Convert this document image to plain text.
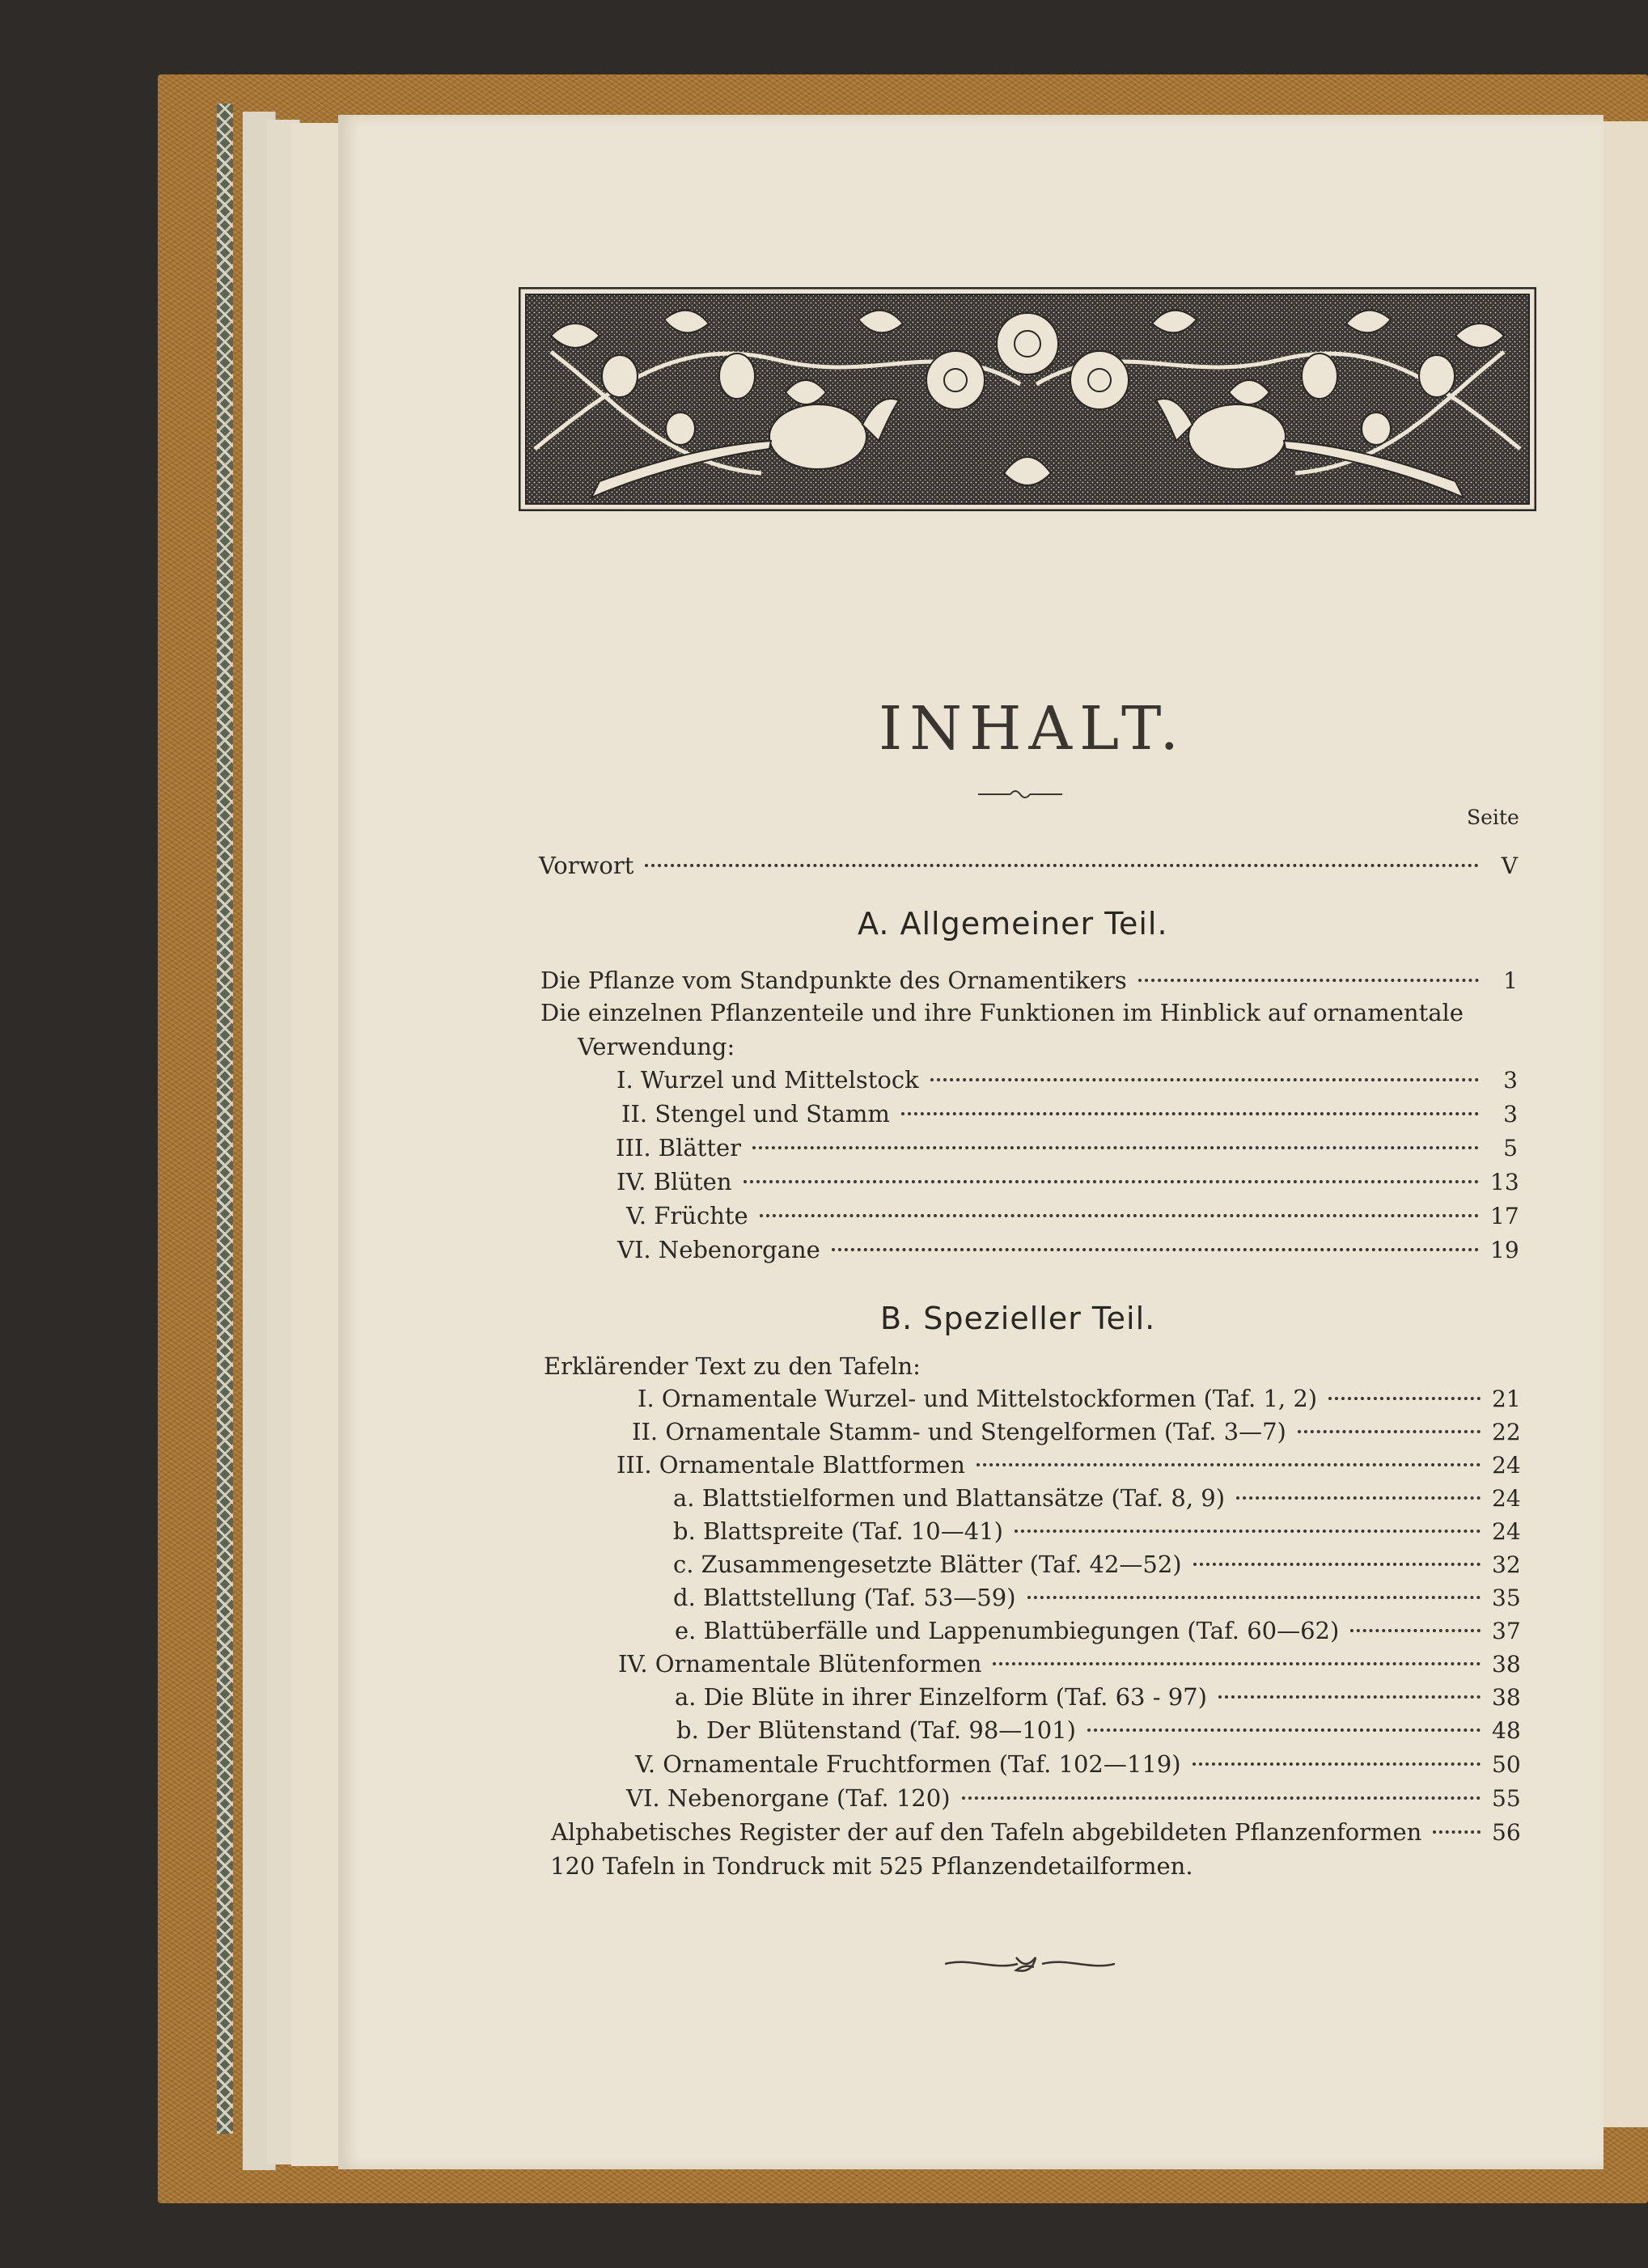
INHALT.
Seite
Vorwort	V
A. Allgemeiner Teil.
Die Pflanze vom Standpunkte des Ornamentikers	1
Die einzelnen Pflanzenteile und ihre Funktionen im Hinblick auf ornamentale
Verwendung:
I. Wurzel und Mittelstock	3
II. Stengel und Stamm	3
III. Blätter	5
IV. Blüten	13
V. Früchte	17
VI. Nebenorgane	19
B. Spezieller Teil.
Erklärender Text zu den Tafeln:
I. Ornamentale Wurzel- und Mittelstockformen (Taf. 1, 2)	21
II. Ornamentale Stamm- und Stengelformen (Taf. 3—7)	22
III. Ornamentale Blattformen	24
a. Blattstielformen und Blattansätze (Taf. 8, 9)	24
b. Blattspreite (Taf. 10—41)	24
c. Zusammengesetzte Blätter (Taf. 42—52)	32
d. Blattstellung (Taf. 53—59)	35
e. Blattüberfälle und Lappenumbiegungen (Taf. 60—62)	37
IV. Ornamentale Blütenformen	38
a. Die Blüte in ihrer Einzelform (Taf. 63 - 97)	38
b. Der Blütenstand (Taf. 98—101)	48
V. Ornamentale Fruchtformen (Taf. 102—119)	50
VI. Nebenorgane (Taf. 120)	55
Alphabetisches Register der auf den Tafeln abgebildeten Pflanzenformen	56
120 Tafeln in Tondruck mit 525 Pflanzendetailformen.
